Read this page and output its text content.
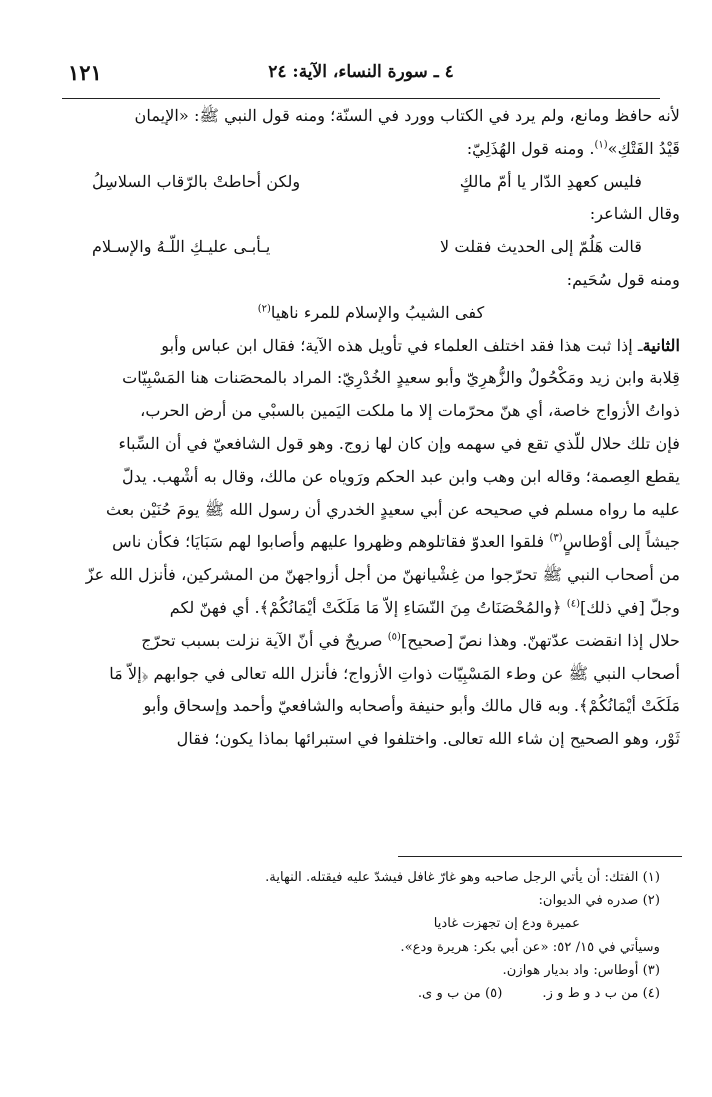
٤ ـ سورة النساء، الآية: ٢٤
١٢١

لأنه حافظ ومانع، ولم يرد في الكتاب وورد في السنّة؛ ومنه قول النبي ﷺ: «الإيمان

قَيْدُ الفَتْكِ»$^{(١)}$. ومنه قول الهُذَلِيّ:

فليس كعهدِ الدّار يا أمّ مالكٍ
ولكن أحاطتْ بالرّقاب السلاسِلُ

وقال الشاعر:

قالت هَلُمّ إلى الحديث فقلت لا
يـأبـى عليـكِ اللّـهُ والإسـلام

ومنه قول سُحَيم:

كفى الشيبُ والإسلام للمرء ناهيا$^{(٢)}$

الثانيةـ إذا ثبت هذا فقد اختلف العلماء في تأويل هذه الآية؛ فقال ابن عباس وأبو

قِلابة وابن زيد ومَكْحُولٌ والزُّهرِيّ وأبو سعيدٍ الخُدْرِيّ: المراد بالمحصَنات هنا المَسْبِيّات

ذواتُ الأزواج خاصة، أي هنّ محرّمات إلا ما ملكت اليَمين بالسبْي من أرض الحرب،

فإن تلك حلال للّذي تقع في سهمه وإن كان لها زوج. وهو قول الشافعيّ في أن السِّباء

يقطع العِصمة؛ وقاله ابن وهب وابن عبد الحكم ورَوياه عن مالك، وقال به أشْهب. يدلّ

عليه ما رواه مسلم في صحيحه عن أبي سعيدٍ الخدري أن رسول الله ﷺ يومَ حُنَيْن بعث

جيشاً إلى أوْطاسٍ$^{(٣)}$ فلقوا العدوّ فقاتلوهم وظهروا عليهم وأصابوا لهم سَبَايَا؛ فكأن ناس

من أصحاب النبي ﷺ تحرّجوا من غِشْيانهنّ من أجل أزواجهنّ من المشركين، فأنزل الله عزّ

وجلّ [في ذلك]$^{(٤)}$ ﴿والمُحْصَنَاتُ مِنَ النّسَاءِ إلاّ مَا مَلَكَتْ أيْمَانُكُمْ﴾. أي فهنّ لكم

حلال إذا انقضت عدّتهنّ. وهذا نصّ [صحيح]$^{(٥)}$ صريحٌ في أنّ الآية نزلت بسبب تحرّج

أصحاب النبي ﷺ عن وطء المَسْبِيّات ذواتِ الأزواج؛ فأنزل الله تعالى في جوابهم ﴿إلاّ مَا

مَلَكَتْ أيْمَانُكُمْ﴾. وبه قال مالك وأبو حنيفة وأصحابه والشافعيّ وأحمد وإسحاق وأبو

ثَوْر، وهو الصحيح إن شاء الله تعالى. واختلفوا في استبرائها بماذا يكون؛ فقال

(١) الفتك: أن يأتي الرجل صاحبه وهو غارّ غافل فيشدّ عليه فيقتله. النهاية.
(٢) صدره في الديوان:
عميرة ودع إن تجهزت غاديا
وسيأتي في ١٥/ ٥٢: «عن أبي بكر: هريرة ودع».
(٣) أوطاس: واد بديار هوازن.
(٤) من ب د و ط و ز.(٥) من ب و ى.
